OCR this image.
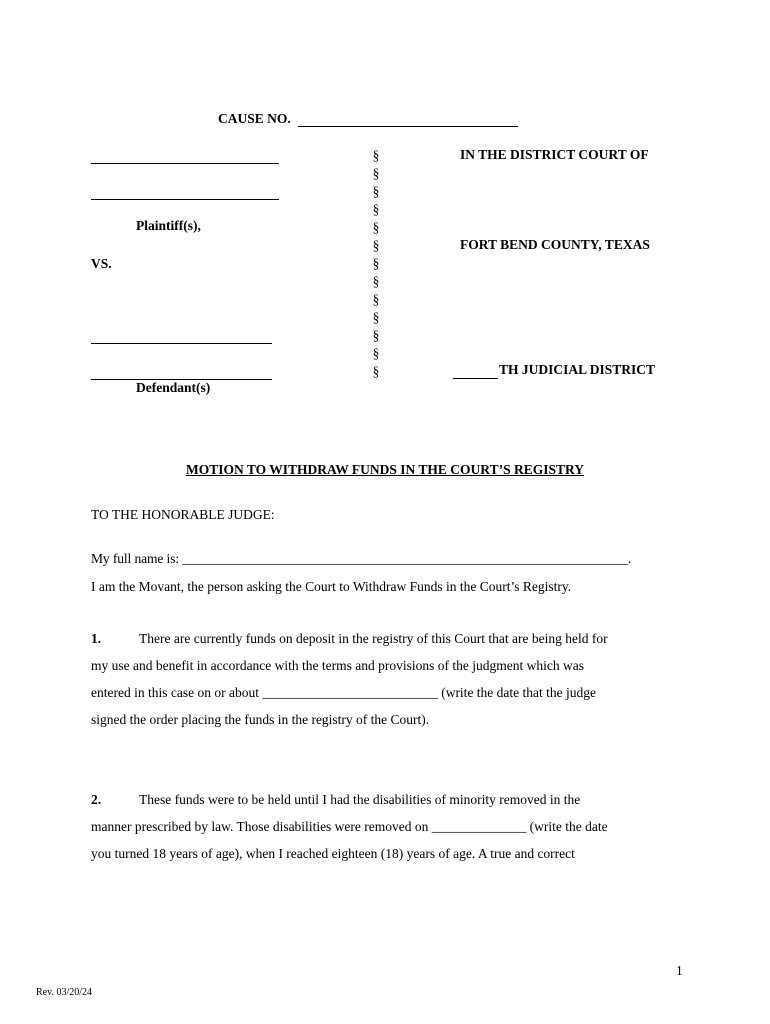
CAUSE NO.
Plaintiff(s),
VS.
Defendant(s)
§
§
§
§
§
§
§
§
§
§
§
§
§
IN THE DISTRICT COURT OF
FORT BEND COUNTY, TEXAS
TH JUDICIAL DISTRICT
MOTION TO WITHDRAW FUNDS IN THE COURT’S REGISTRY
TO THE HONORABLE JUDGE:
My full name is: ___________________________________________________________________.
I am the Movant, the person asking the Court to Withdraw Funds in the Court’s Registry.
1.	There are currently funds on deposit in the registry of this Court that are being held for
my use and benefit in accordance with the terms and provisions of the judgment which was
entered in this case on or about __________________________ (write the date that the judge
signed the order placing the funds in the registry of the Court).
2.	These funds were to be held until I had the disabilities of minority removed in the
manner prescribed by law. Those disabilities were removed on ______________ (write the date
you turned 18 years of age), when I reached eighteen (18) years of age. A true and correct
1
Rev. 03/20/24
